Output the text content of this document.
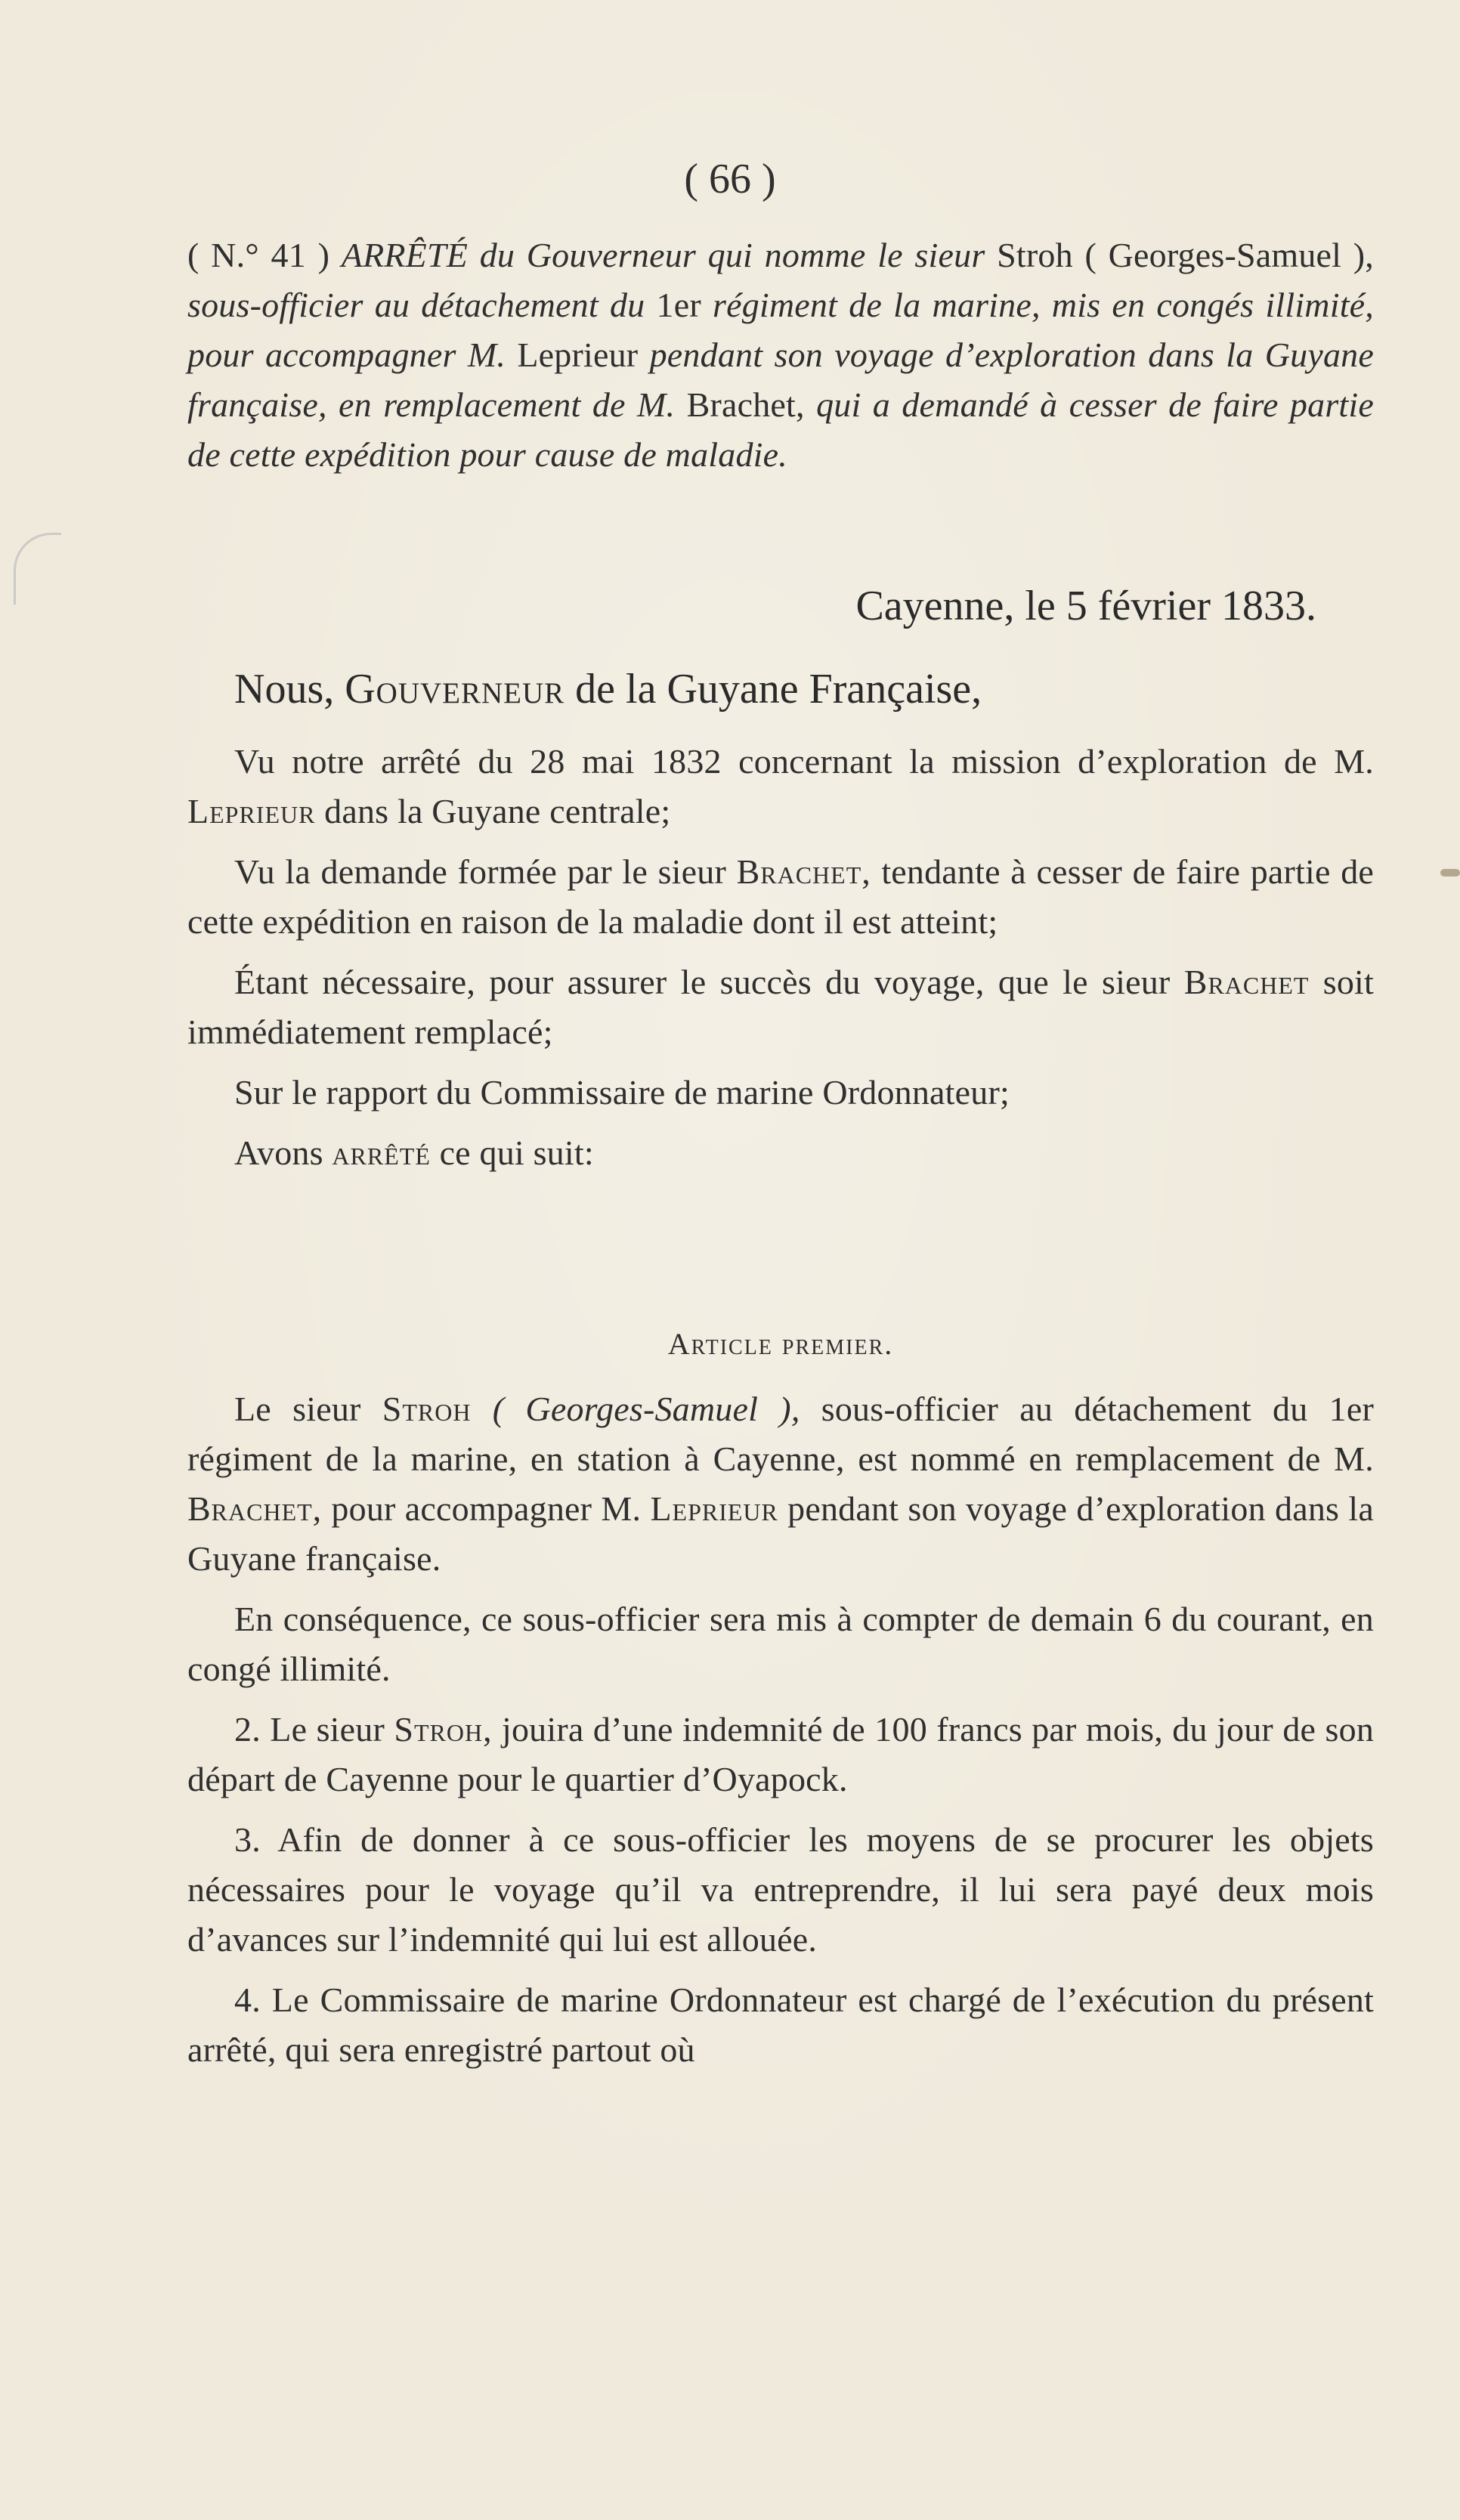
( 66 )
( N.° 41 ) ARRÊTÉ du Gouverneur qui nomme le sieur Stroh ( Georges-Samuel ), sous-officier au détachement du 1er régiment de la marine, mis en congés illimité, pour accompagner M. Leprieur pendant son voyage d’exploration dans la Guyane française, en remplacement de M. Brachet, qui a demandé à cesser de faire partie de cette expédition pour cause de maladie.
Cayenne, le 5 février 1833.
Nous, Gouverneur de la Guyane Française,

Vu notre arrêté du 28 mai 1832 concernant la mission d’exploration de M. Leprieur dans la Guyane centrale;

Vu la demande formée par le sieur Brachet, tendante à cesser de faire partie de cette expédition en raison de la maladie dont il est atteint;

Étant nécessaire, pour assurer le succès du voyage, que le sieur Brachet soit immédiatement remplacé;

Sur le rapport du Commissaire de marine Ordonnateur;

Avons arrêté ce qui suit:

Article premier.

Le sieur Stroh ( Georges-Samuel ), sous-officier au détachement du 1er régiment de la marine, en station à Cayenne, est nommé en remplacement de M. Brachet, pour accompagner M. Leprieur pendant son voyage d’exploration dans la Guyane française.

En conséquence, ce sous-officier sera mis à compter de demain 6 du courant, en congé illimité.

2. Le sieur Stroh, jouira d’une indemnité de 100 francs par mois, du jour de son départ de Cayenne pour le quartier d’Oyapock.

3. Afin de donner à ce sous-officier les moyens de se procurer les objets nécessaires pour le voyage qu’il va entreprendre, il lui sera payé deux mois d’avances sur l’indemnité qui lui est allouée.

4. Le Commissaire de marine Ordonnateur est chargé de l’exécution du présent arrêté, qui sera enregistré partout où
